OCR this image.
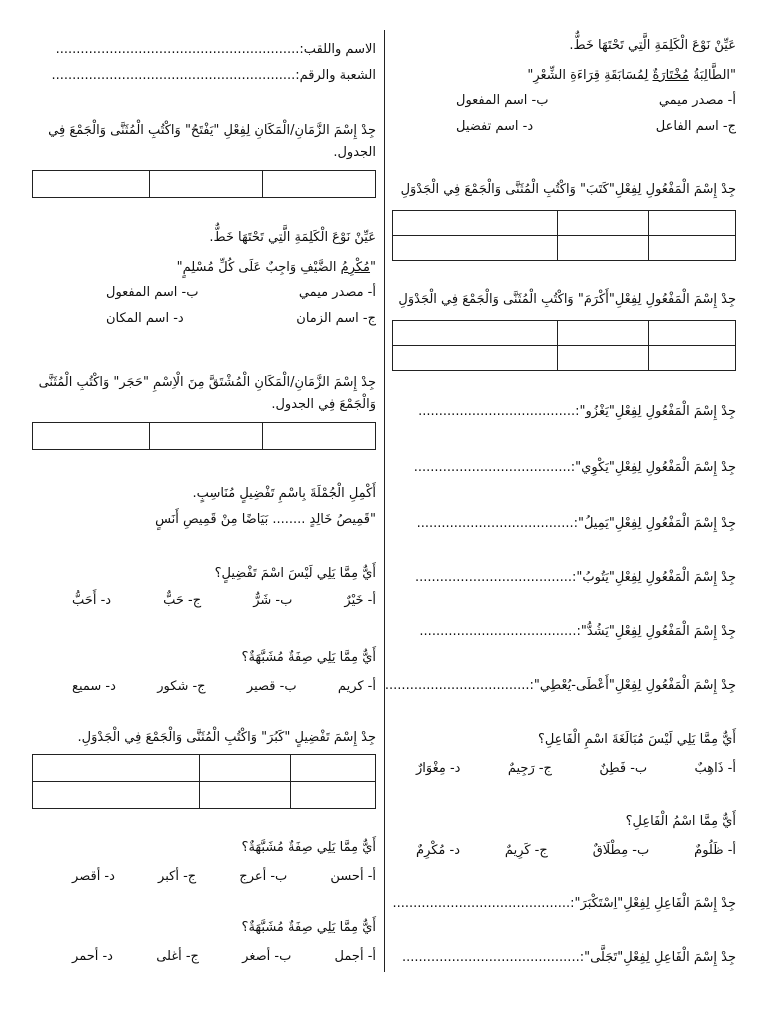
عَيِّنْ نَوْعَ الْكَلِمَةِ الَّتِي تَحْتَهَا خَطٌّ.
"الطَّالِبَةُ مُخْتَارَةٌ لِمُسَابَقَةِ قِرَاءَةِ الشِّعْرِ"
أ- مصدر ميمي
ب- اسم المفعول
ج- اسم الفاعل
د- اسم تفضيل
جِدْ إِسْمَ الْمَفْعُولِ لِفِعْلِ"كَتَبَ" وَاكْتُبِ الْمُثَنَّى وَالْجَمْعَ فِي الْجَدْوَلِ

جِدْ إِسْمَ الْمَفْعُولِ لِفِعْلِ"أَكْرَمَ" وَاكْتُبِ الْمُثَنَّى وَالْجَمْعَ فِي الْجَدْوَلِ

جِدْ إِسْمَ الْمَفْعُولِ لِفِعْلِ"يَغْزُو":......................................
جِدْ إِسْمَ الْمَفْعُولِ لِفِعْلِ"يَكْوِي":......................................
جِدْ إِسْمَ الْمَفْعُولِ لِفِعْلِ"يَمِيلُ":......................................
جِدْ إِسْمَ الْمَفْعُولِ لِفِعْلِ"يَتُوبُ":......................................
جِدْ إِسْمَ الْمَفْعُولِ لِفِعْلِ"يَشُدُّ":......................................
جِدْ إِسْمَ الْمَفْعُولِ لِفِعْلِ"أَعْطَى-يُعْطِي":...................................
أَيٌّ مِمَّا يَلِي لَيْسَ مُبَالَغَةَ اسْمِ الْفَاعِلِ؟
أ- ذَاهِبٌ
ب- فَطِنٌ
ج- رَجِيمٌ
د- مِغْوَارٌ
أَيٌّ مِمَّا اسْمُ الْفَاعِلِ؟
أ- ظَلُومٌ
ب- مِطْلَاقٌ
ج- كَرِيمٌ
د- مُكْرِمٌ
جِدْ إِسْمَ الْفَاعِلِ لِفِعْلِ"اِسْتَكْبَرَ":...........................................
جِدْ إِسْمَ الْفَاعِلِ لِفِعْلِ"تَجَلَّى":...........................................
الاسم واللقب:...........................................................
الشعبة والرقم:...........................................................
جِدْ إِسْمَ الزَّمَانِ/الْمَكَانِ لِفِعْلِ "يَفْتَحُ" وَاكْتُبِ الْمُثَنَّى وَالْجَمْعَ فِي الجدول.

عَيِّنْ نَوْعَ الْكَلِمَةِ الَّتِي تَحْتَهَا خَطٌّ.
"مُكْرِمُ الضَّيْفِ وَاجِبٌ عَلَى كُلِّ مُسْلِمٍ"
أ- مصدر ميمي
ب- اسم المفعول
ج- اسم الزمان
د- اسم المكان
جِدْ إِسْمَ الزَّمَانِ/الْمَكَانِ الْمُشْتَقَّ مِنَ الْاِسْمِ "حَجَر" وَاكْتُبِ الْمُثَنَّى وَالْجَمْعَ فِي الجدول.

أَكْمِلِ الْجُمْلَةَ بِاسْمِ تَفْضِيلٍ مُنَاسِبٍ.
"قَمِيصُ خَالِدٍ ........ بَيَاضًا مِنْ قَمِيصِ أَنَسٍ
أَيٌّ مِمَّا يَلِي لَيْسَ اسْمَ تَفْضِيلٍ؟
أ- خَيْرٌ
ب- شَرٌّ
ج- حَبٌّ
د- أَحَبُّ
أَيٌّ مِمَّا يَلِي صِفَةٌ مُشَبَّهَةٌ؟
أ- كريم
ب- قصير
ج- شكور
د- سميع
جِدْ إِسْمَ تَفْضِيلٍ "كَبُرَ" وَاكْتُبِ الْمُثَنَّى وَالْجَمْعَ فِي الْجَدْوَلِ.

أَيٌّ مِمَّا يَلِي صِفَةٌ مُشَبَّهَةٌ؟
أ- أحسن
ب- أعرج
ج- أكبر
د- أقصر
أَيٌّ مِمَّا يَلِي صِفَةٌ مُشَبَّهَةٌ؟
أ- أجمل
ب- أصغر
ج- أغلى
د- أحمر
